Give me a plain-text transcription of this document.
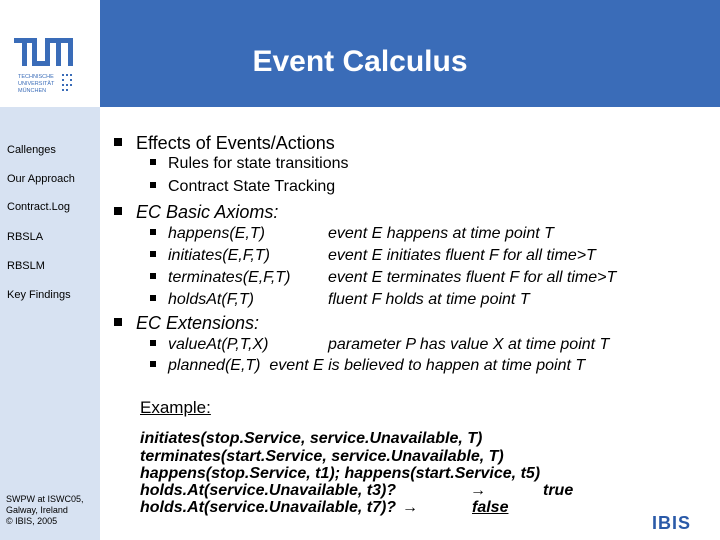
TECHNISCHE
UNIVERSITÄT
MÜNCHEN
Event Calculus
Callenges
Our Approach
Contract.Log
RBSLA
RBSLM
Key Findings
SWPW at ISWC05,
Galway, Ireland
© IBIS, 2005
Effects of Events/Actions
Rules for state transitions
Contract State Tracking
EC Basic Axioms:
happens(E,T)	event E happens at time point T
initiates(E,F,T)	event E initiates fluent F for all time>T
terminates(E,F,T) event E terminates fluent F for all time>T
holdsAt(F,T)	fluent F holds at time point T
EC Extensions:
valueAt(P,T,X)	parameter P has value X at time point T
planned(E,T) event E is believed to happen at time point T
Example:
initiates(stop.Service, service.Unavailable, T)
terminates(start.Service, service.Unavailable, T)
happens(stop.Service, t1); happens(start.Service, t5)
holds.At(service.Unavailable, t3)?	→	true
holds.At(service.Unavailable, t7)? →	false
IBIS
